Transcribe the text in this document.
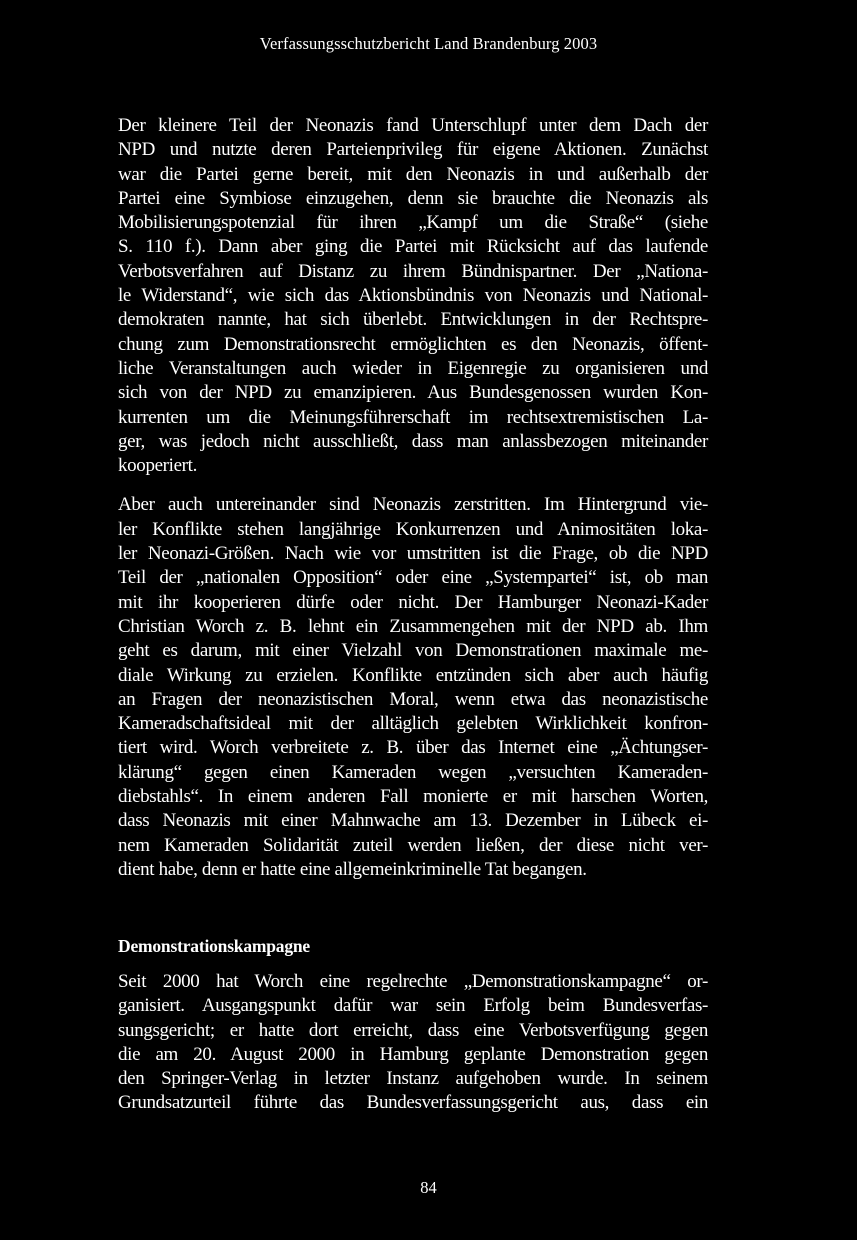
Verfassungsschutzbericht Land Brandenburg 2003

Der kleinere Teil der Neonazis fand Unterschlupf unter dem Dach der
NPD und nutzte deren Parteienprivileg für eigene Aktionen. Zunächst
war die Partei gerne bereit, mit den Neonazis in und außerhalb der
Partei eine Symbiose einzugehen, denn sie brauchte die Neonazis als
Mobilisierungspotenzial für ihren „Kampf um die Straße“ (siehe
S. 110 f.). Dann aber ging die Partei mit Rücksicht auf das laufende
Verbotsverfahren auf Distanz zu ihrem Bündnispartner. Der „Nationa-
le Widerstand“, wie sich das Aktionsbündnis von Neonazis und National-
demokraten nannte, hat sich überlebt. Entwicklungen in der Rechtspre-
chung zum Demonstrationsrecht ermöglichten es den Neonazis, öffent-
liche Veranstaltungen auch wieder in Eigenregie zu organisieren und
sich von der NPD zu emanzipieren. Aus Bundesgenossen wurden Kon-
kurrenten um die Meinungsführerschaft im rechtsextremistischen La-
ger, was jedoch nicht ausschließt, dass man anlassbezogen miteinander
kooperiert.

Aber auch untereinander sind Neonazis zerstritten. Im Hintergrund vie-
ler Konflikte stehen langjährige Konkurrenzen und Animositäten loka-
ler Neonazi-Größen. Nach wie vor umstritten ist die Frage, ob die NPD
Teil der „nationalen Opposition“ oder eine „Systempartei“ ist, ob man
mit ihr kooperieren dürfe oder nicht. Der Hamburger Neonazi-Kader
Christian Worch z. B. lehnt ein Zusammengehen mit der NPD ab. Ihm
geht es darum, mit einer Vielzahl von Demonstrationen maximale me-
diale Wirkung zu erzielen. Konflikte entzünden sich aber auch häufig
an Fragen der neonazistischen Moral, wenn etwa das neonazistische
Kameradschaftsideal mit der alltäglich gelebten Wirklichkeit konfron-
tiert wird. Worch verbreitete z. B. über das Internet eine „Ächtungser-
klärung“ gegen einen Kameraden wegen „versuchten Kameraden-
diebstahls“. In einem anderen Fall monierte er mit harschen Worten,
dass Neonazis mit einer Mahnwache am 13. Dezember in Lübeck ei-
nem Kameraden Solidarität zuteil werden ließen, der diese nicht ver-
dient habe, denn er hatte eine allgemeinkriminelle Tat begangen.

Demonstrationskampagne

Seit 2000 hat Worch eine regelrechte „Demonstrationskampagne“ or-
ganisiert. Ausgangspunkt dafür war sein Erfolg beim Bundesverfas-
sungsgericht; er hatte dort erreicht, dass eine Verbotsverfügung gegen
die am 20. August 2000 in Hamburg geplante Demonstration gegen
den Springer-Verlag in letzter Instanz aufgehoben wurde. In seinem
Grundsatzurteil führte das Bundesverfassungsgericht aus, dass ein

84
